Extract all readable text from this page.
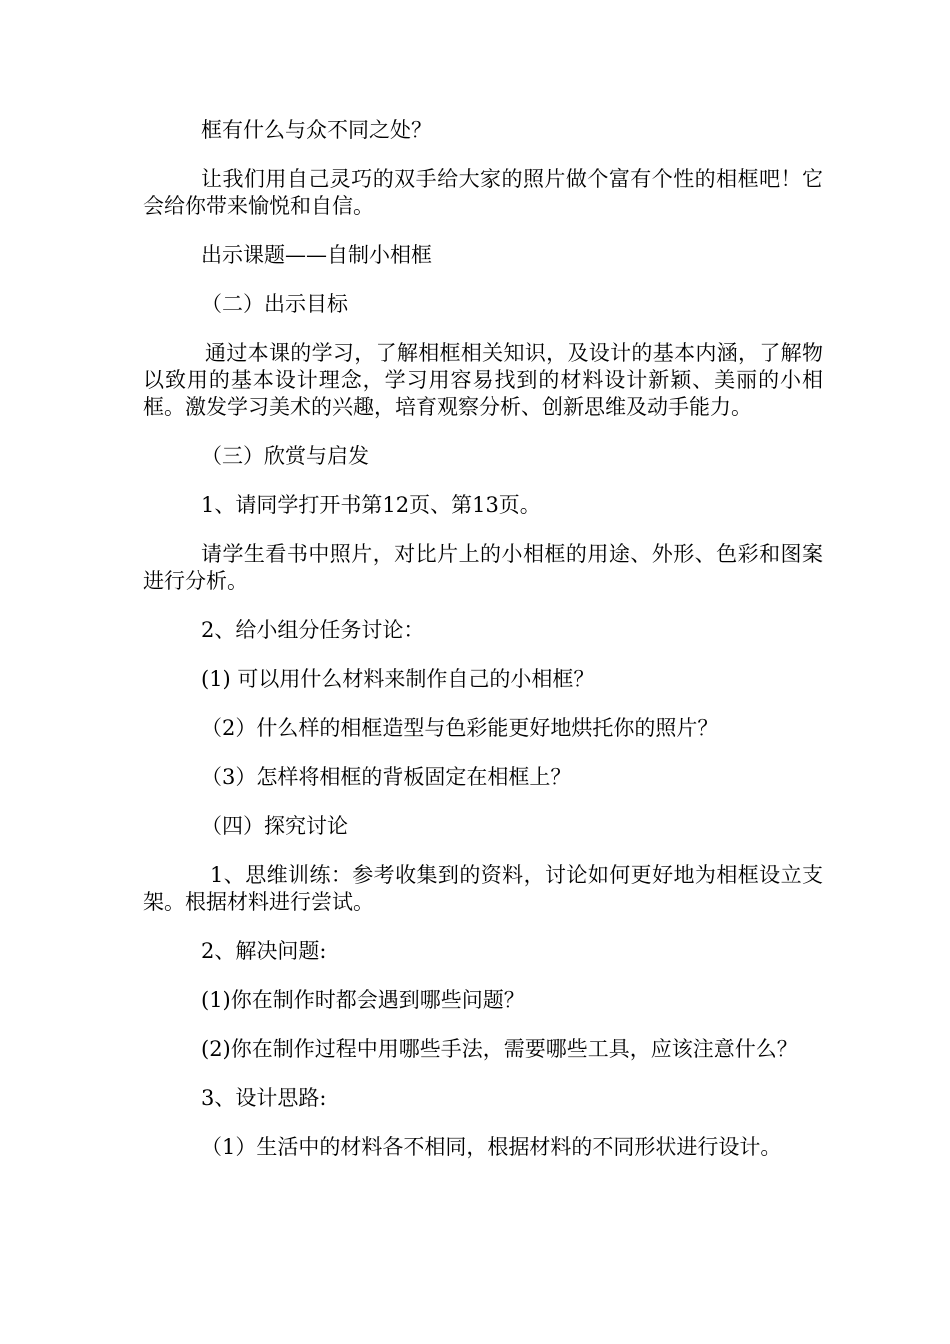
框有什么与众不同之处？

让我们用自己灵巧的双手给大家的照片做个富有个性的相框吧！它会给你带来愉悦和自信。

出示课题——自制小相框

（二）出示目标

通过本课的学习，了解相框相关知识，及设计的基本内涵，了解物以致用的基本设计理念，学习用容易找到的材料设计新颖、美丽的小相框。激发学习美术的兴趣，培育观察分析、创新思维及动手能力。

（三）欣赏与启发

1、请同学打开书第12页、第13页。

请学生看书中照片，对比片上的小相框的用途、外形、色彩和图案进行分析。

2、给小组分任务讨论：

(1) 可以用什么材料来制作自己的小相框？

（2）什么样的相框造型与色彩能更好地烘托你的照片？

（3）怎样将相框的背板固定在相框上？

（四）探究讨论

1、思维训练：参考收集到的资料，讨论如何更好地为相框设立支架。根据材料进行尝试。

2、解决问题:

(1)你在制作时都会遇到哪些问题？

(2)你在制作过程中用哪些手法，需要哪些工具，应该注意什么？

3、设计思路:

（1）生活中的材料各不相同，根据材料的不同形状进行设计。
